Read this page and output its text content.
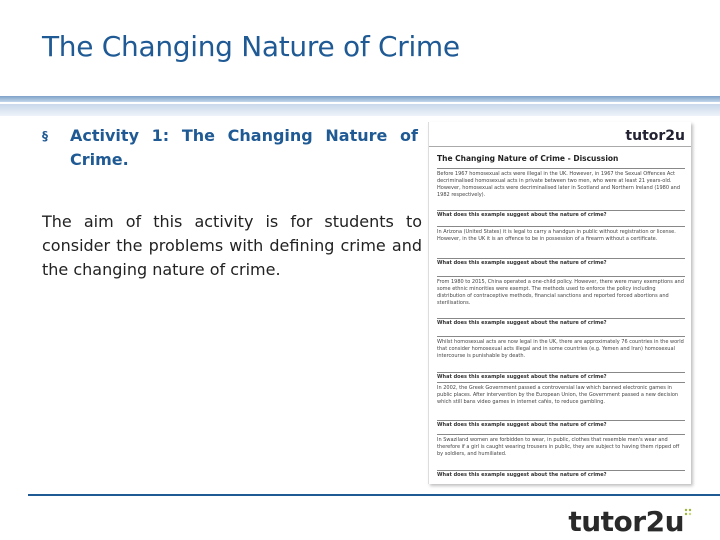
The Changing Nature of Crime
§ Activity 1: The Changing Nature of Crime.
The aim of this activity is for students to consider the problems with defining crime and the changing nature of crime.
tutor2u
The Changing Nature of Crime - Discussion
Before 1967 homosexual acts were illegal in the UK. However, in 1967 the Sexual Offences Act decriminalised homosexual acts in private between two men, who were at least 21 years-old. However, homosexual acts were decriminalised later in Scotland and Northern Ireland (1980 and 1982 respectively).
What does this example suggest about the nature of crime?
In Arizona (United States) it is legal to carry a handgun in public without registration or license. However, in the UK it is an offence to be in possession of a firearm without a certificate.
What does this example suggest about the nature of crime?
From 1980 to 2015, China operated a one-child policy. However, there were many exemptions and some ethnic minorities were exempt. The methods used to enforce the policy including distribution of contraceptive methods, financial sanctions and reported forced abortions and sterilisations.
What does this example suggest about the nature of crime?
Whilst homosexual acts are now legal in the UK, there are approximately 76 countries in the world that consider homosexual acts illegal and in some countries (e.g. Yemen and Iran) homosexual intercourse is punishable by death.
What does this example suggest about the nature of crime?
In 2002, the Greek Government passed a controversial law which banned electronic games in public places. After intervention by the European Union, the Government passed a new decision which still bans video games in internet cafés, to reduce gambling.
What does this example suggest about the nature of crime?
In Swaziland women are forbidden to wear, in public, clothes that resemble men's wear and therefore if a girl is caught wearing trousers in public, they are subject to having them ripped off by soldiers, and humiliated.
What does this example suggest about the nature of crime?
tutor2u
